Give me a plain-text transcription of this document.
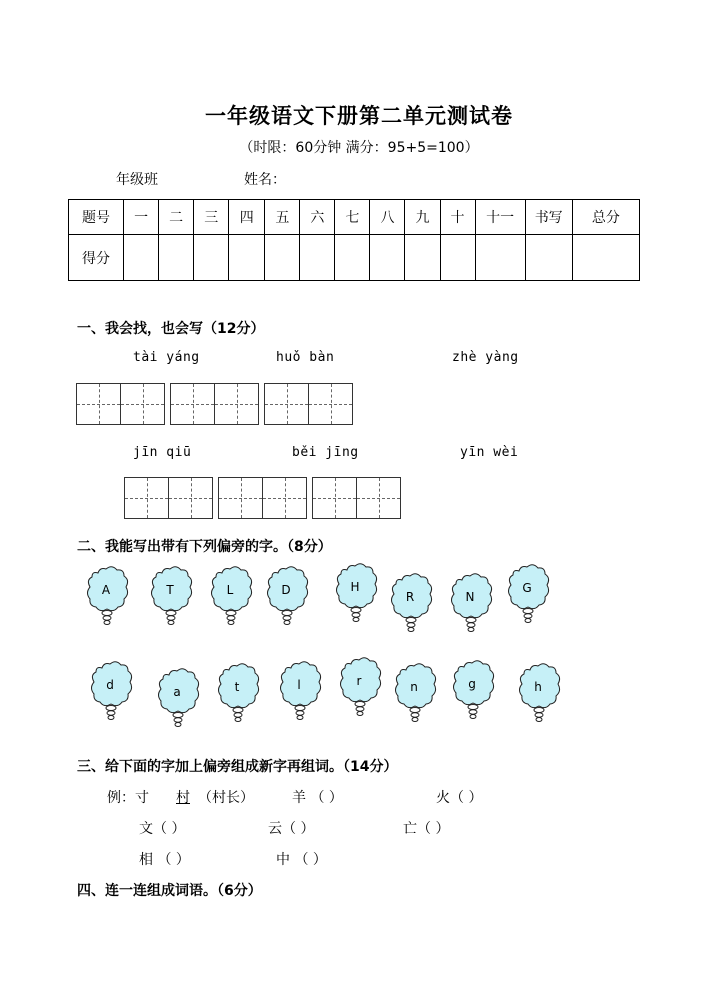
一年级语文下册第二单元测试卷
（时限：60分钟 满分：95+5=100）
年级班	姓名：
题号	一	二	三	四	五	六	七	八	九	十	十一	书写	总分
得分													
一、我会找，也会写（12分）
tài yáng	huǒ bàn	zhè yàng
jīn qiū	běi jīng	yīn wèi
二、我能写出带有下列偏旁的字。（8分）
A	T	L	D	H
R	N
G
d	a	t	l	r	n	g	h
三、给下面的字加上偏旁组成新字再组词。（14分）
例：寸	村 （村长）	羊 （ ）	火（ ）
文（ ）	云（ ）	亡（ ）
相 （ ）	中 （ ）
四、连一连组成词语。（6分）
